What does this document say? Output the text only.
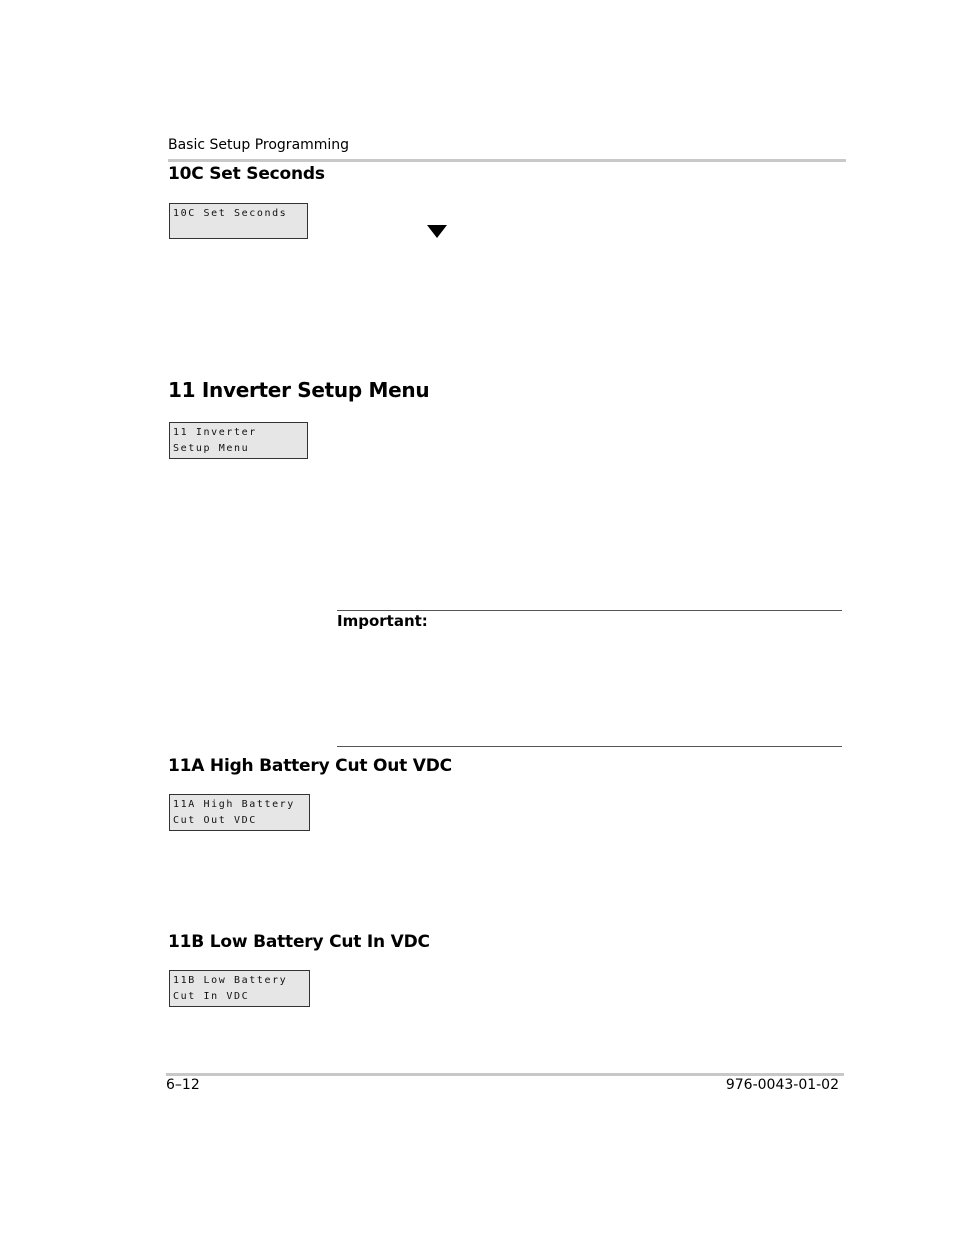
Basic Setup Programming
10C Set Seconds
10C Set Seconds
11 Inverter Setup Menu
11 Inverter
Setup Menu
Important:
11A High Battery Cut Out VDC
11A High Battery
Cut Out VDC
11B Low Battery Cut In VDC
11B Low Battery
Cut In VDC
6–12	976-0043-01-02
